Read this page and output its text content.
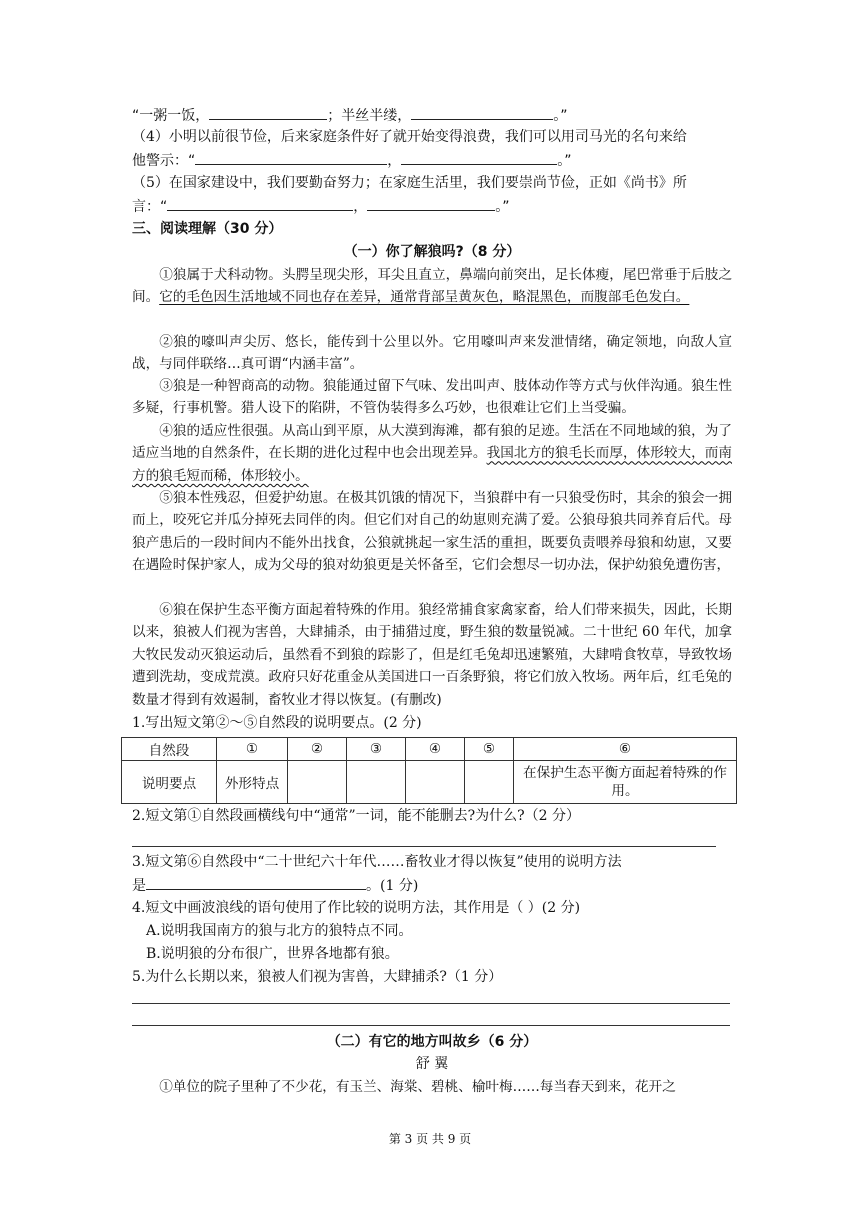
“一粥一饭，	；半丝半缕，	。”
（4）小明以前很节俭，后来家庭条件好了就开始变得浪费，我们可以用司马光的名句来给
他警示：“	，	。”
（5）在国家建设中，我们要勤奋努力；在家庭生活里，我们要崇尚节俭，正如《尚书》所
言：“	，	。”
三、阅读理解（30 分）
（一）你了解狼吗?（8 分）
①狼属于犬科动物。头腭呈现尖形，耳尖且直立，鼻端向前突出，足长体瘦，尾巴常垂于后肢之间。它的毛色因生活地域不同也存在差异，通常背部呈黄灰色，略混黑色，而腹部毛色发白。
②狼的嚎叫声尖厉、悠长，能传到十公里以外。它用嚎叫声来发泄情绪，确定领地，向敌人宣战，与同伴联络…真可谓“内涵丰富”。
③狼是一种智商高的动物。狼能通过留下气味、发出叫声、肢体动作等方式与伙伴沟通。狼生性多疑，行事机警。猎人设下的陷阱，不管伪装得多么巧妙，也很难让它们上当受骗。
④狼的适应性很强。从高山到平原，从大漠到海滩，都有狼的足迹。生活在不同地域的狼，为了适应当地的自然条件，在长期的进化过程中也会出现差异。我国北方的狼毛长而厚，体形较大，而南方的狼毛短而稀，体形较小。
⑤狼本性残忍，但爱护幼崽。在极其饥饿的情况下，当狼群中有一只狼受伤时，其余的狼会一拥而上，咬死它并瓜分掉死去同伴的肉。但它们对自己的幼崽则充满了爱。公狼母狼共同养育后代。母狼产患后的一段时间内不能外出找食，公狼就挑起一家生活的重担，既要负责喂养母狼和幼崽，又要在遇险时保护家人，成为父母的狼对幼狼更是关怀备至，它们会想尽一切办法，保护幼狼免遭伤害，
⑥狼在保护生态平衡方面起着特殊的作用。狼经常捕食家禽家畜，给人们带来损失，因此，长期以来，狼被人们视为害兽，大肆捕杀，由于捕猎过度，野生狼的数量锐减。二十世纪 60 年代，加拿大牧民发动灭狼运动后，虽然看不到狼的踪影了，但是红毛兔却迅速繁殖，大肆啃食牧草，导致牧场遭到洗劫，变成荒漠。政府只好花重金从美国进口一百条野狼，将它们放入牧场。两年后，红毛兔的数量才得到有效遏制，畜牧业才得以恢复。(有删改)
1.写出短文第②～⑤自然段的说明要点。(2 分)
自然段	①	②	③	④	⑤	⑥
说明要点	外形特点					在保护生态平衡方面起着特殊的作用。
2.短文第①自然段画横线句中“通常”一词，能不能删去?为什么?（2 分）
3.短文第⑥自然段中“二十世纪六十年代……畜牧业才得以恢复”使用的说明方法
是	。(1 分)
4.短文中画波浪线的语句使用了作比较的说明方法，其作用是（ ）(2 分)
A.说明我国南方的狼与北方的狼特点不同。
B.说明狼的分布很广，世界各地都有狼。
5.为什么长期以来，狼被人们视为害兽，大肆捕杀?（1 分）
（二）有它的地方叫故乡（6 分）
舒 翼
①单位的院子里种了不少花，有玉兰、海棠、碧桃、榆叶梅……每当春天到来，花开之
第 3 页 共 9 页
